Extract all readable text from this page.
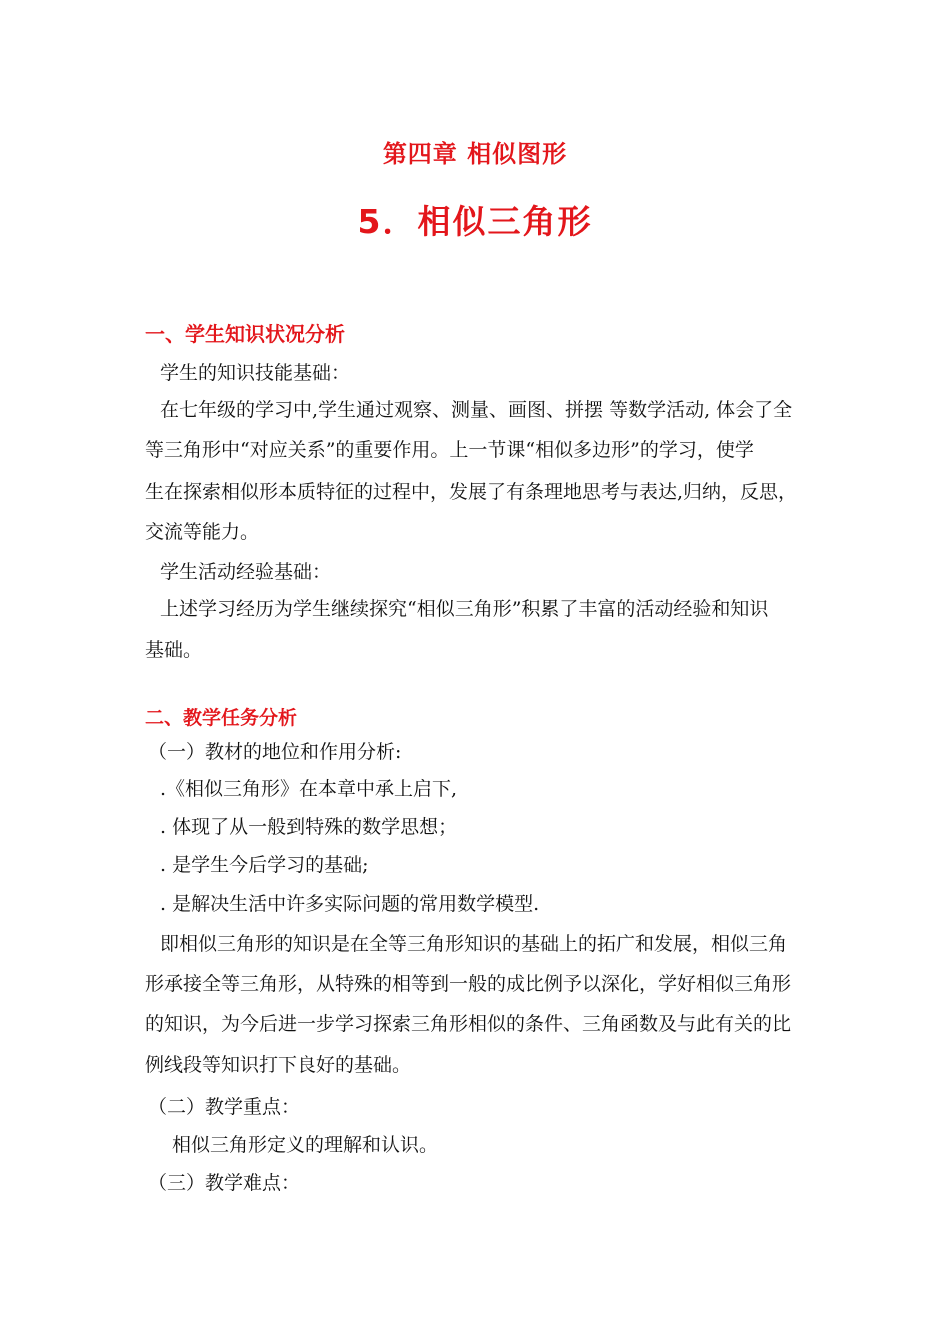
第四章 相似图形
5．相似三角形
一、学生知识状况分析
学生的知识技能基础：
在七年级的学习中,学生通过观察、测量、画图、拼摆 等数学活动, 体会了全
等三角形中“对应关系”的重要作用。上一节课“相似多边形”的学习，使学
生在探索相似形本质特征的过程中，发展了有条理地思考与表达,归纳，反思，
交流等能力。
学生活动经验基础：
上述学习经历为学生继续探究“相似三角形”积累了丰富的活动经验和知识
基础。
二、教学任务分析
（一）教材的地位和作用分析:
.《相似三角形》在本章中承上启下,
. 体现了从一般到特殊的数学思想；
. 是学生今后学习的基础;
. 是解决生活中许多实际问题的常用数学模型.
即相似三角形的知识是在全等三角形知识的基础上的拓广和发展，相似三角
形承接全等三角形，从特殊的相等到一般的成比例予以深化，学好相似三角形
的知识，为今后进一步学习探索三角形相似的条件、三角函数及与此有关的比
例线段等知识打下良好的基础。
（二）教学重点：
相似三角形定义的理解和认识。
（三）教学难点：
